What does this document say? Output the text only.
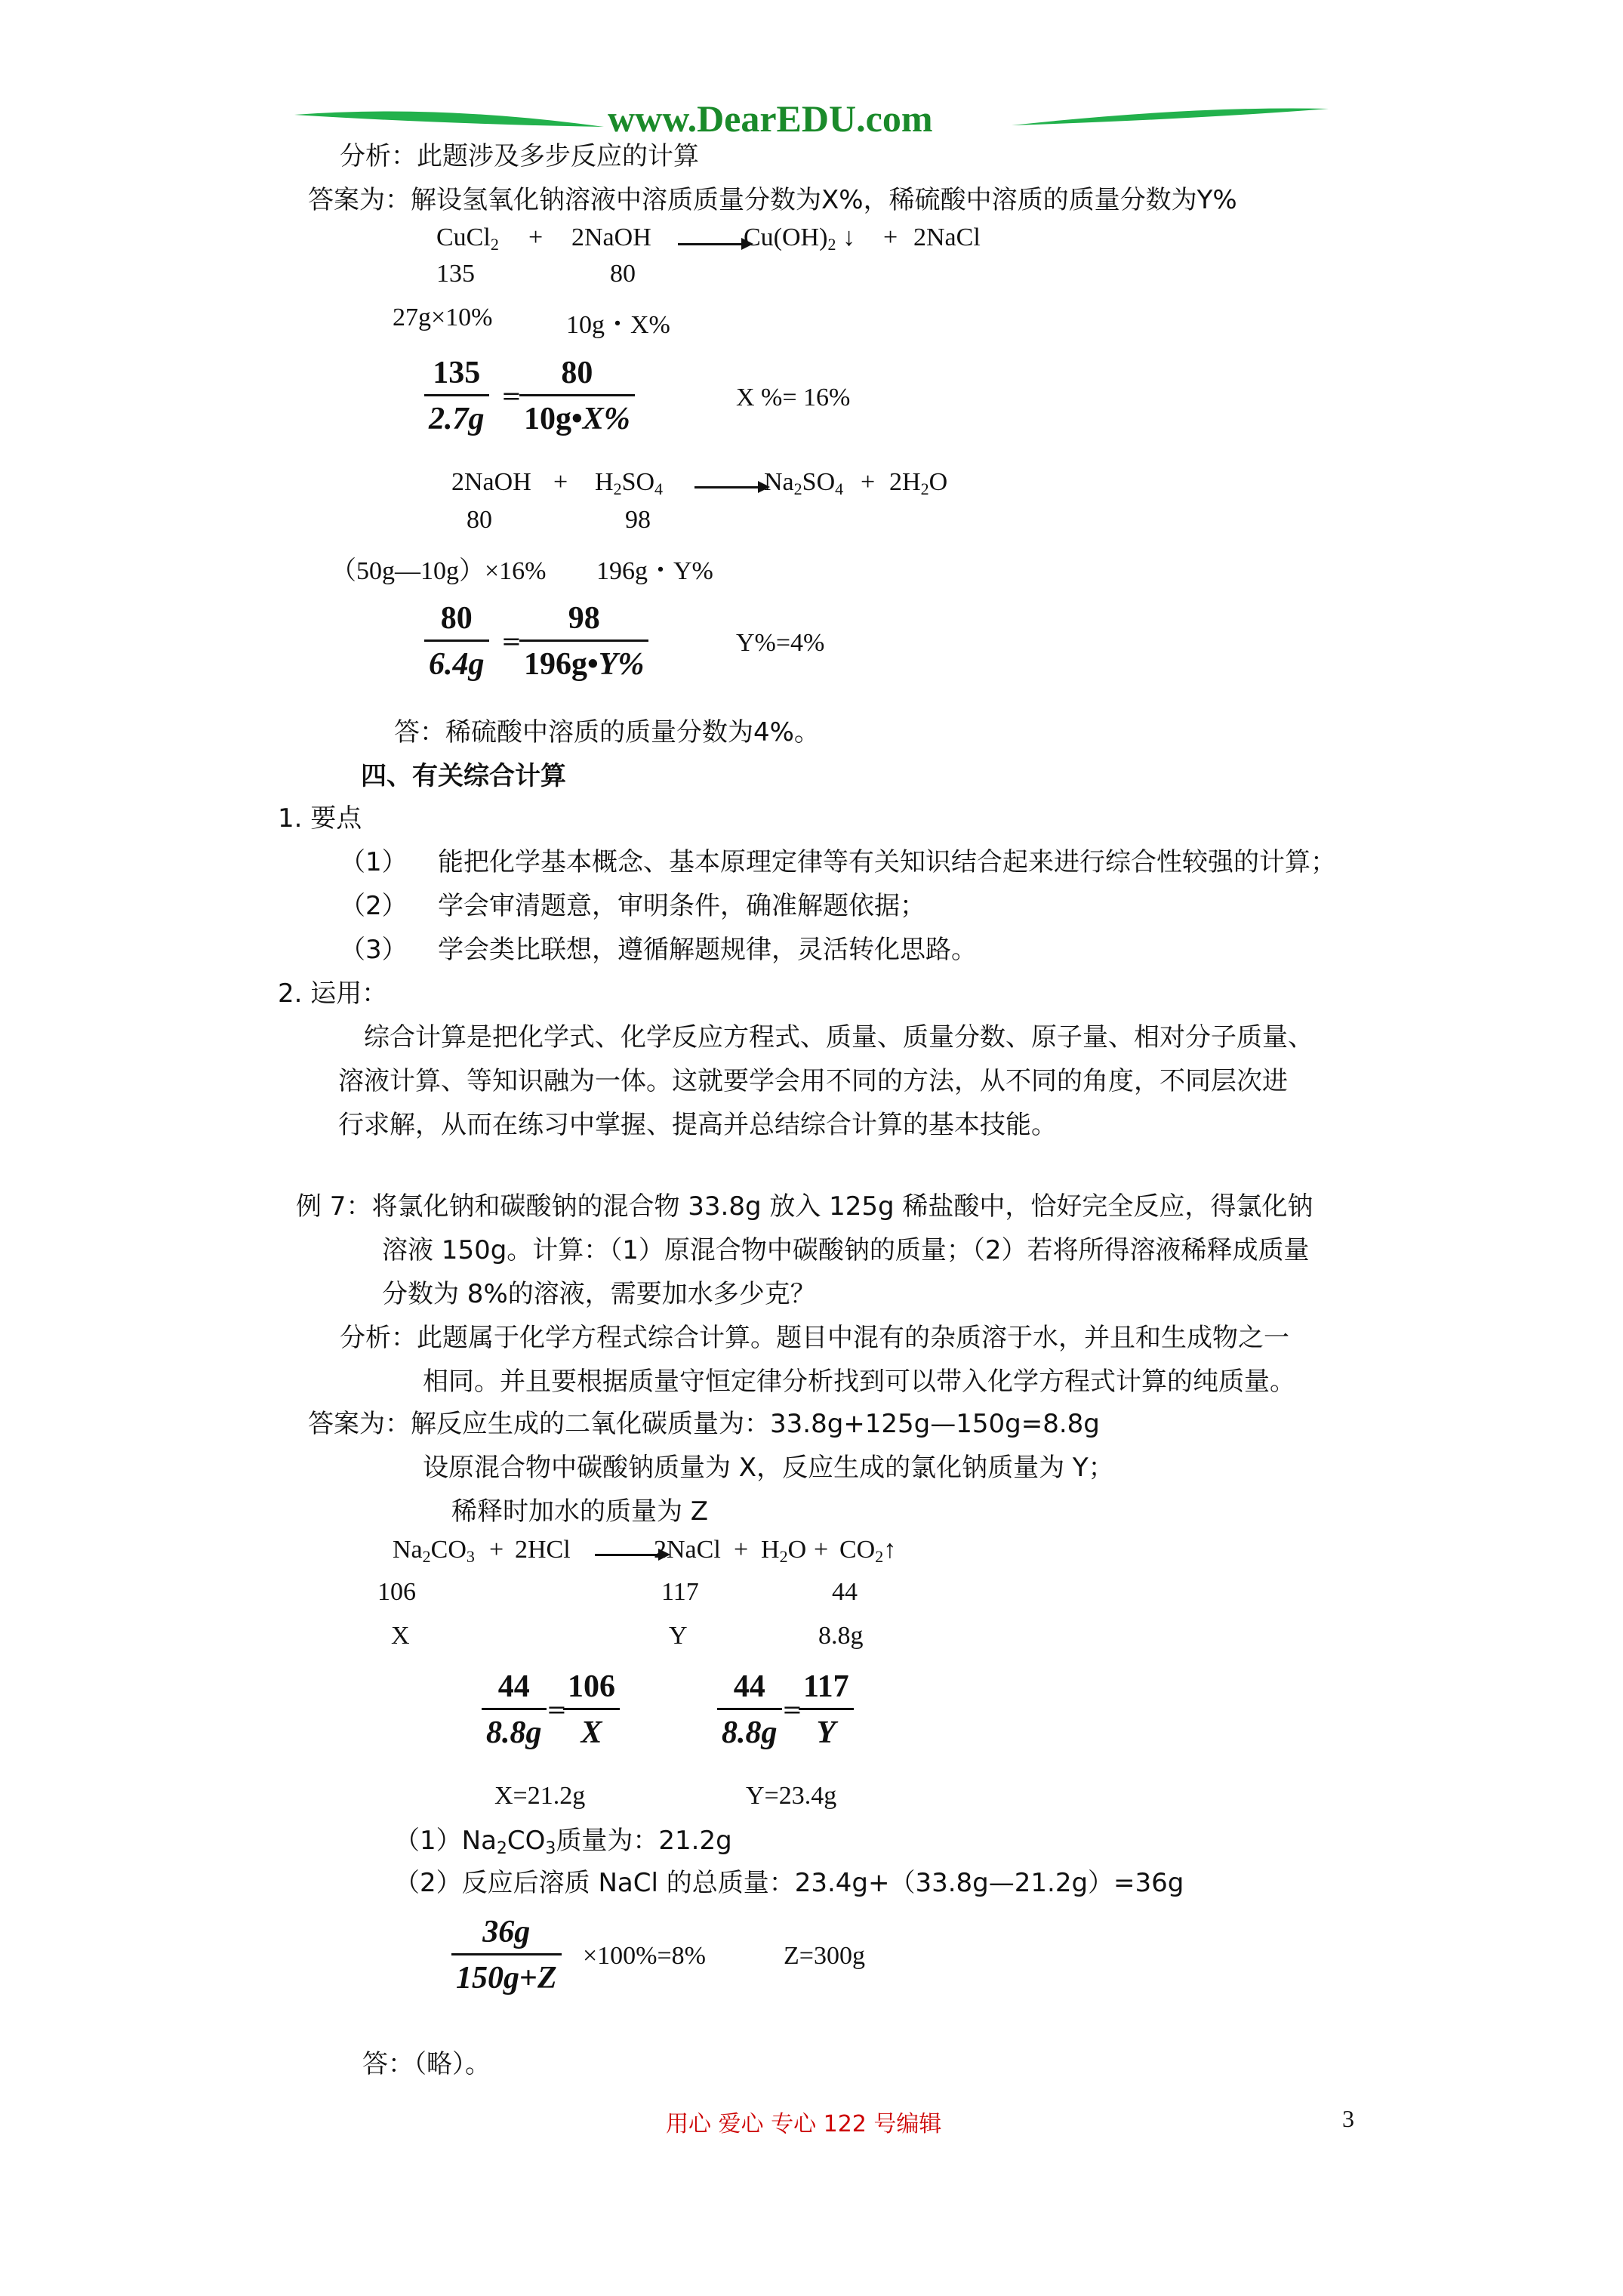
www.DearEDU.com
分析：此题涉及多步反应的计算
答案为：解设氢氧化钠溶液中溶质质量分数为X%，稀硫酸中溶质的质量分数为Y%
CuCl$_2$ + 2NaOH	$Cu(OH)_2$ ↓ + 2NaCl
135	80
27g×10%	10g・X%
$\frac{135}{2.7g}$ =
$\frac{80}{10g•X\%}$	X %= 16%
2NaOH + $H_2SO_4$	$Na_2SO_4 + 2H_2O$
80	98
（50g—10g）×16% 196g・Y%
$\frac{80}{6.4g}$ =
$\frac{98}{196g•Y\%}$	Y%=4%
答：稀硫酸中溶质的质量分数为4%。
四、有关综合计算
1. 要点
（1） 能把化学基本概念、基本原理定律等有关知识结合起来进行综合性较强的计算；
（2） 学会审清题意，审明条件，确准解题依据；
（3） 学会类比联想，遵循解题规律，灵活转化思路。
2. 运用：
综合计算是把化学式、化学反应方程式、质量、质量分数、原子量、相对分子质量、
溶液计算、等知识融为一体。这就要学会用不同的方法，从不同的角度，不同层次进
行求解，从而在练习中掌握、提高并总结综合计算的基本技能。
例 7：将氯化钠和碳酸钠的混合物 33.8g 放入 125g 稀盐酸中，恰好完全反应，得氯化钠
溶液 150g。计算：（1）原混合物中碳酸钠的质量；（2）若将所得溶液稀释成质量
分数为 8%的溶液，需要加水多少克？
分析：此题属于化学方程式综合计算。题目中混有的杂质溶于水，并且和生成物之一
相同。并且要根据质量守恒定律分析找到可以带入化学方程式计算的纯质量。
答案为：解反应生成的二氧化碳质量为：33.8g+125g—150g=8.8g
设原混合物中碳酸钠质量为 X，反应生成的氯化钠质量为 Y；
稀释时加水的质量为 Z
$Na_2CO_3 + 2HCl$	2NaCl + $H_2O$ + $CO_2↑$
106	117	44
X	Y	8.8g
$\frac{44}{8.8g}$ =
$\frac{106}{X}$	$\frac{44}{8.8g}$ =
$\frac{117}{Y}$
X=21.2g	Y=23.4g
$(1)Na_2CO_3$质量为：21.2g
（2）反应后溶质 NaCl 的总质量：23.4g+（33.8g—21.2g）=36g
$\frac{36g}{150g+Z} \times 100\%=8\%$	Z=300g
答：（略）。
用心 爱心 专心 122 号编辑	3
